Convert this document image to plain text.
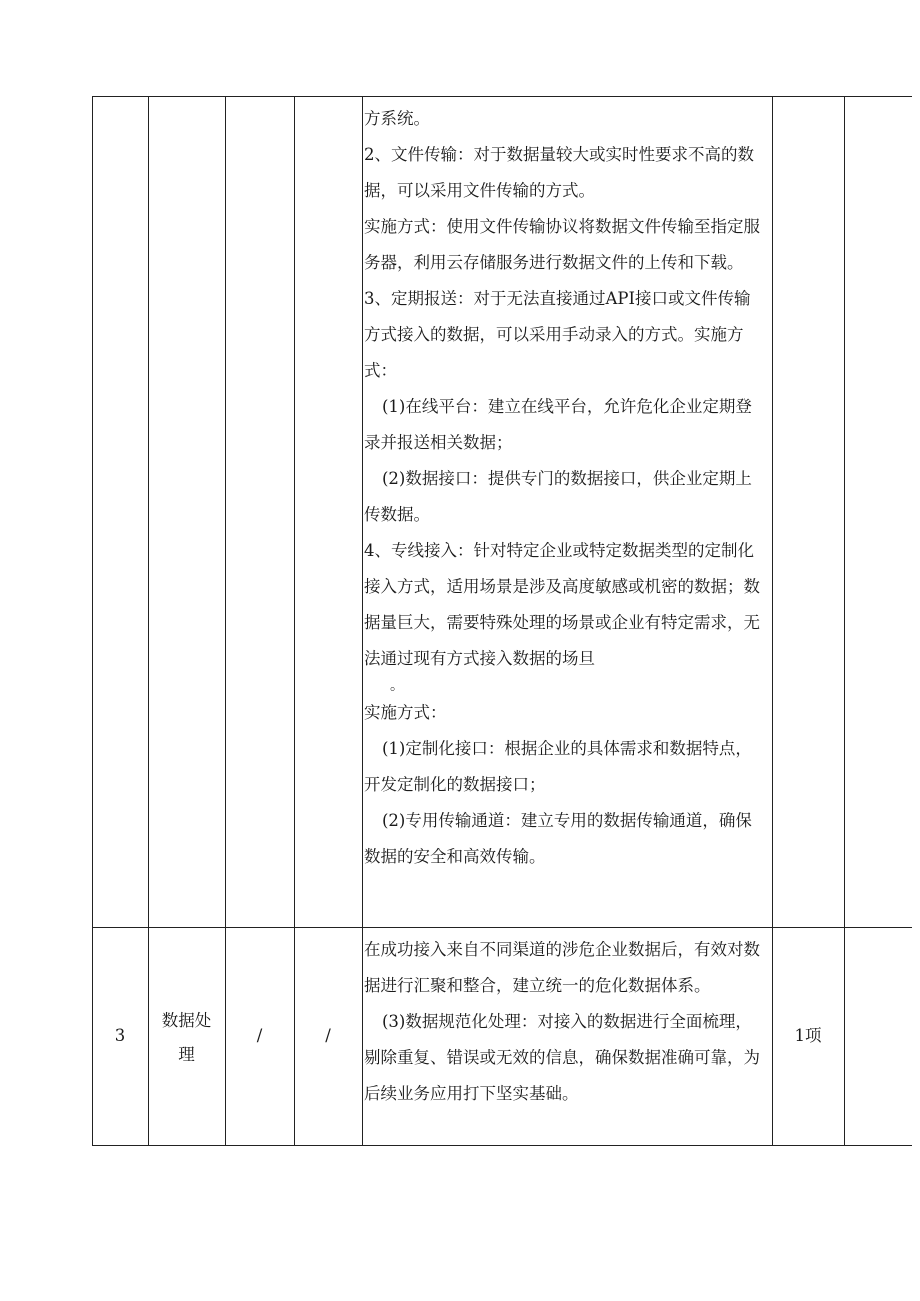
方系统。
2、文件传输：对于数据量较大或实时性要求不高的数
据，可以采用文件传输的方式。
实施方式：使用文件传输协议将数据文件传输至指定服
务器，利用云存储服务进行数据文件的上传和下载。
3、定期报送：对于无法直接通过API接口或文件传输
方式接入的数据，可以采用手动录入的方式。实施方
式：
(1)在线平台：建立在线平台，允许危化企业定期登
录并报送相关数据；
(2)数据接口：提供专门的数据接口，供企业定期上
传数据。
4、专线接入：针对特定企业或特定数据类型的定制化
接入方式，适用场景是涉及高度敏感或机密的数据；数
据量巨大，需要特殊处理的场景或企业有特定需求，无
法通过现有方式接入数据的场旦
。
实施方式：
(1)定制化接口：根据企业的具体需求和数据特点，
开发定制化的数据接口；
(2)专用传输通道：建立专用的数据传输通道，确保
数据的安全和高效传输。
3
数据处
理
/	/
在成功接入来自不同渠道的涉危企业数据后，有效对数
据进行汇聚和整合，建立统一的危化数据体系。
(3)数据规范化处理：对接入的数据进行全面梳理，
剔除重复、错误或无效的信息，确保数据准确可靠，为
后续业务应用打下坚实基础。
1项
